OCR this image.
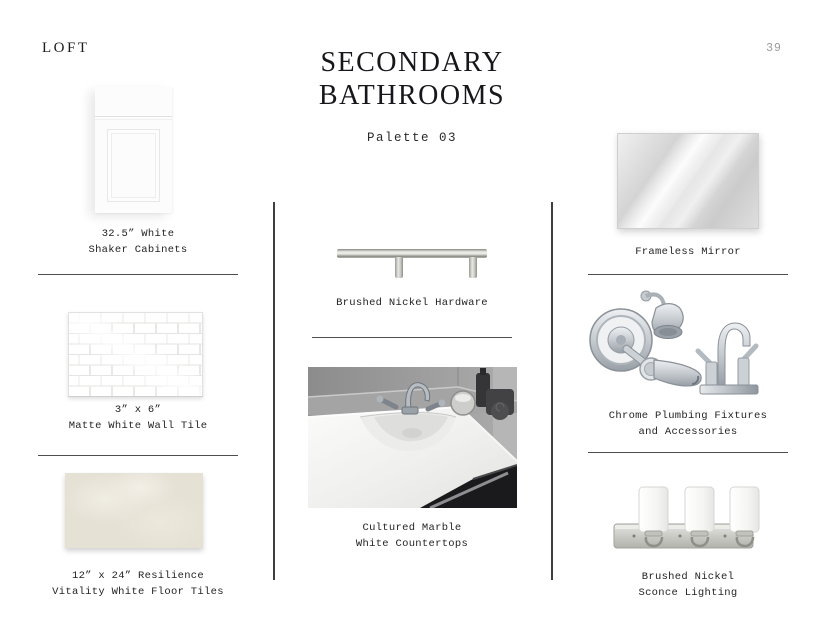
LOFT	SECONDARY
BATHROOMS
Palette 03
39
32.5” White
Shaker Cabinets
3” x 6”
Matte White Wall Tile
12” x 24” Resilience
Vitality White Floor Tiles
Brushed Nickel Hardware
Cultured Marble
White Countertops
Frameless Mirror
Chrome Plumbing Fixtures
and Accessories
Brushed Nickel
Sconce Lighting
